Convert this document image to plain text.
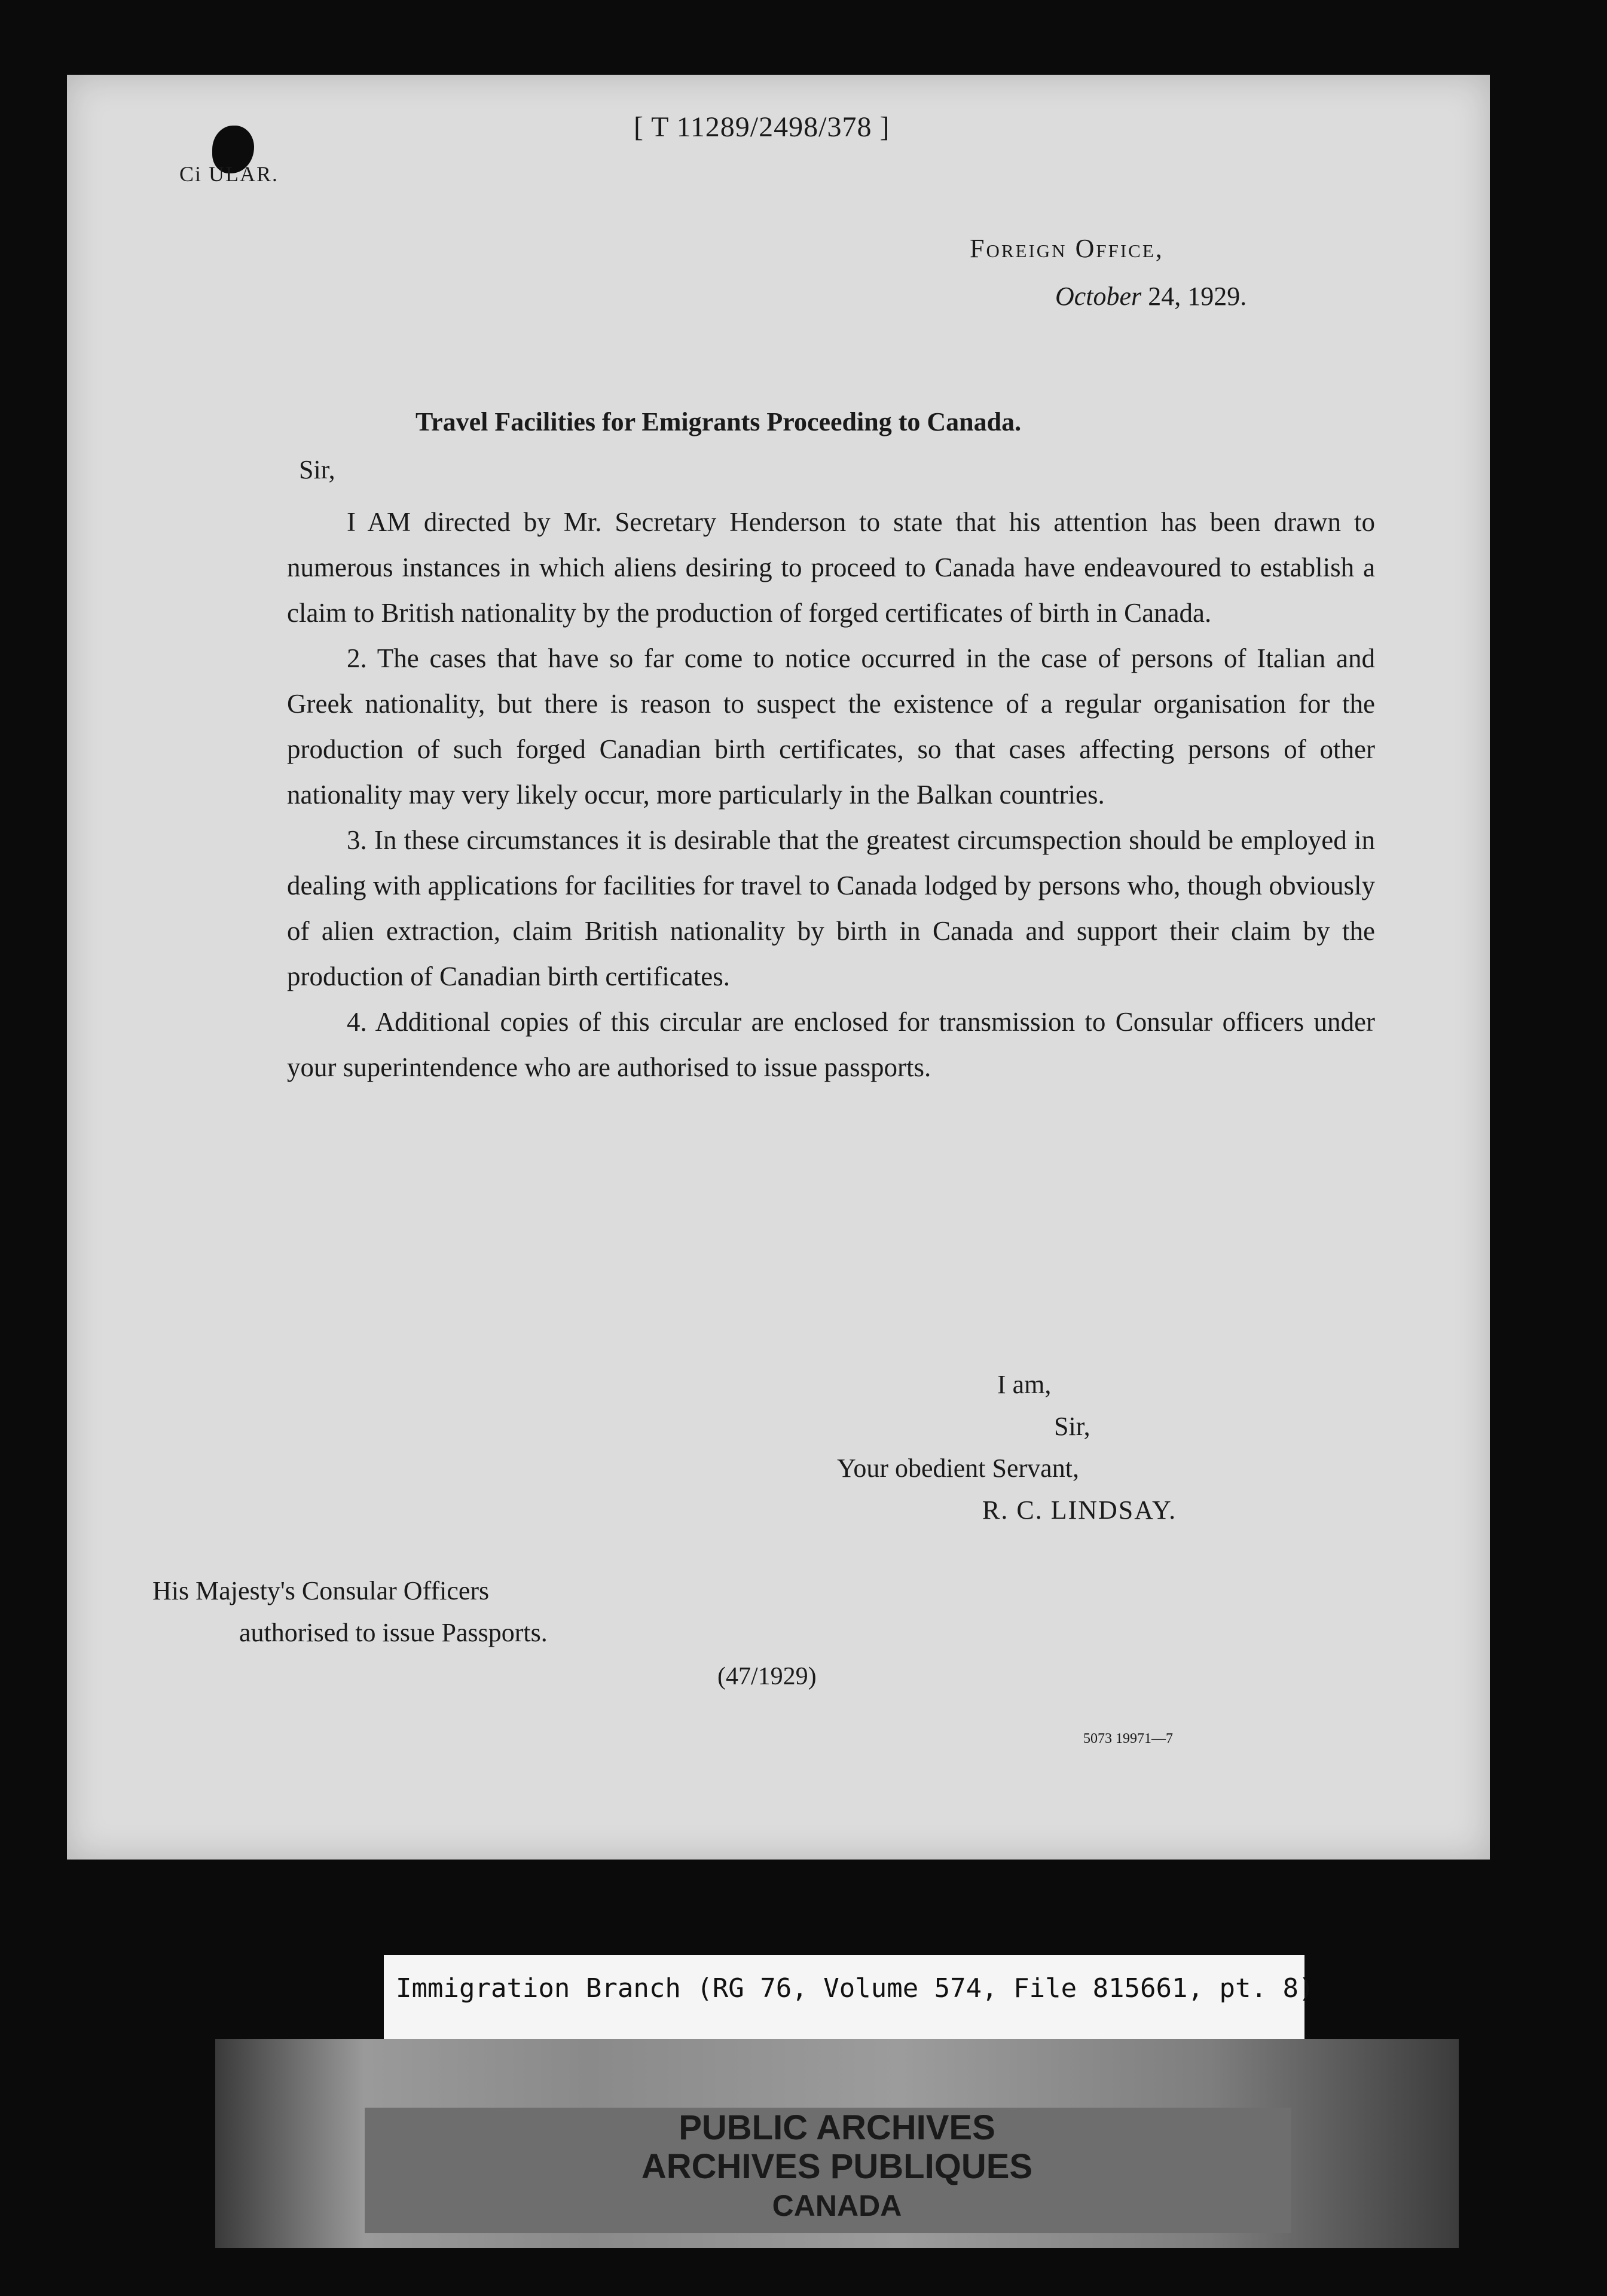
[ T 11289/2498/378 ]
Ci ULAR.
Foreign Office,
October 24, 1929.
Travel Facilities for Emigrants Proceeding to Canada.
Sir,

I AM directed by Mr. Secretary Henderson to state that his attention has been drawn to numerous instances in which aliens desiring to proceed to Canada have endeavoured to establish a claim to British nationality by the production of forged certificates of birth in Canada.

2. The cases that have so far come to notice occurred in the case of persons of Italian and Greek nationality, but there is reason to suspect the existence of a regular organisation for the production of such forged Canadian birth certificates, so that cases affecting persons of other nationality may very likely occur, more particularly in the Balkan countries.

3. In these circumstances it is desirable that the greatest circumspection should be employed in dealing with applications for facilities for travel to Canada lodged by persons who, though obviously of alien extraction, claim British nationality by birth in Canada and support their claim by the production of Canadian birth certificates.

4. Additional copies of this circular are enclosed for transmission to Consular officers under your superintendence who are authorised to issue passports.

I am,
Sir,
Your obedient Servant,
R. C. LINDSAY.
His Majesty's Consular Officers
authorised to issue Passports.
(47/1929)
5073 19971—7
Immigration Branch (RG 76, Volume 574, File 815661, pt. 8)
PUBLIC ARCHIVES
ARCHIVES PUBLIQUES
CANADA
